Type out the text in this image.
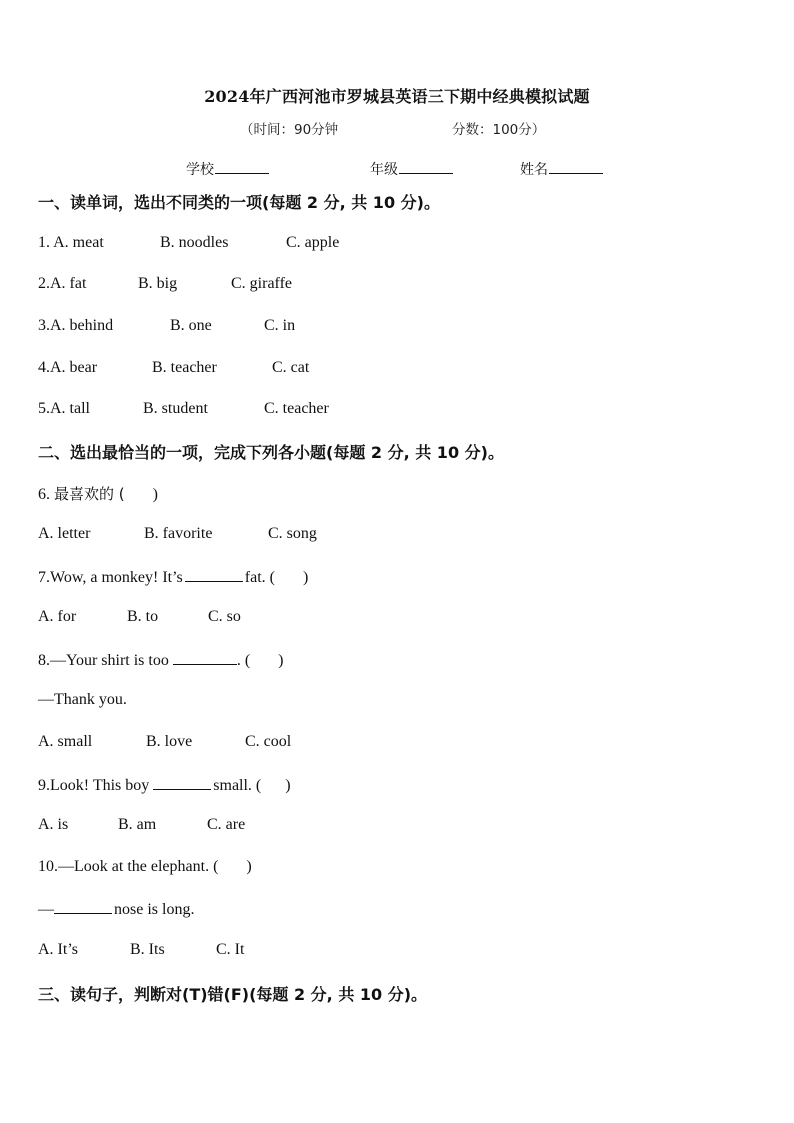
2024年广西河池市罗城县英语三下期中经典模拟试题
（时间：90分钟	分数：100分）
学校	年级	姓名
一、读单词，选出不同类的一项(每题 2 分, 共 10 分)。
1. A. meat	B. noodles	C. apple
2.A. fat	B. big	C. giraffe
3.A. behind	B. one	C. in
4.A. bear	B. teacher	C. cat
5.A. tall	B. student	C. teacher
二、选出最恰当的一项，完成下列各小题(每题 2 分, 共 10 分)。
6. 最喜欢的 ( )
A. letter	B. favorite	C. song
7.Wow, a monkey! It’s	fat. ( )
A. for	B. to	C. so
8.—Your shirt is too	. ( )
—Thank you.
A. small	B. love	C. cool
9.Look! This boy	small. ( )
A. is	B. am	C. are
10.—Look at the elephant. ( )
—	nose is long.
A. It’s	B. Its	C. It
三、读句子，判断对(T)错(F)(每题 2 分, 共 10 分)。
